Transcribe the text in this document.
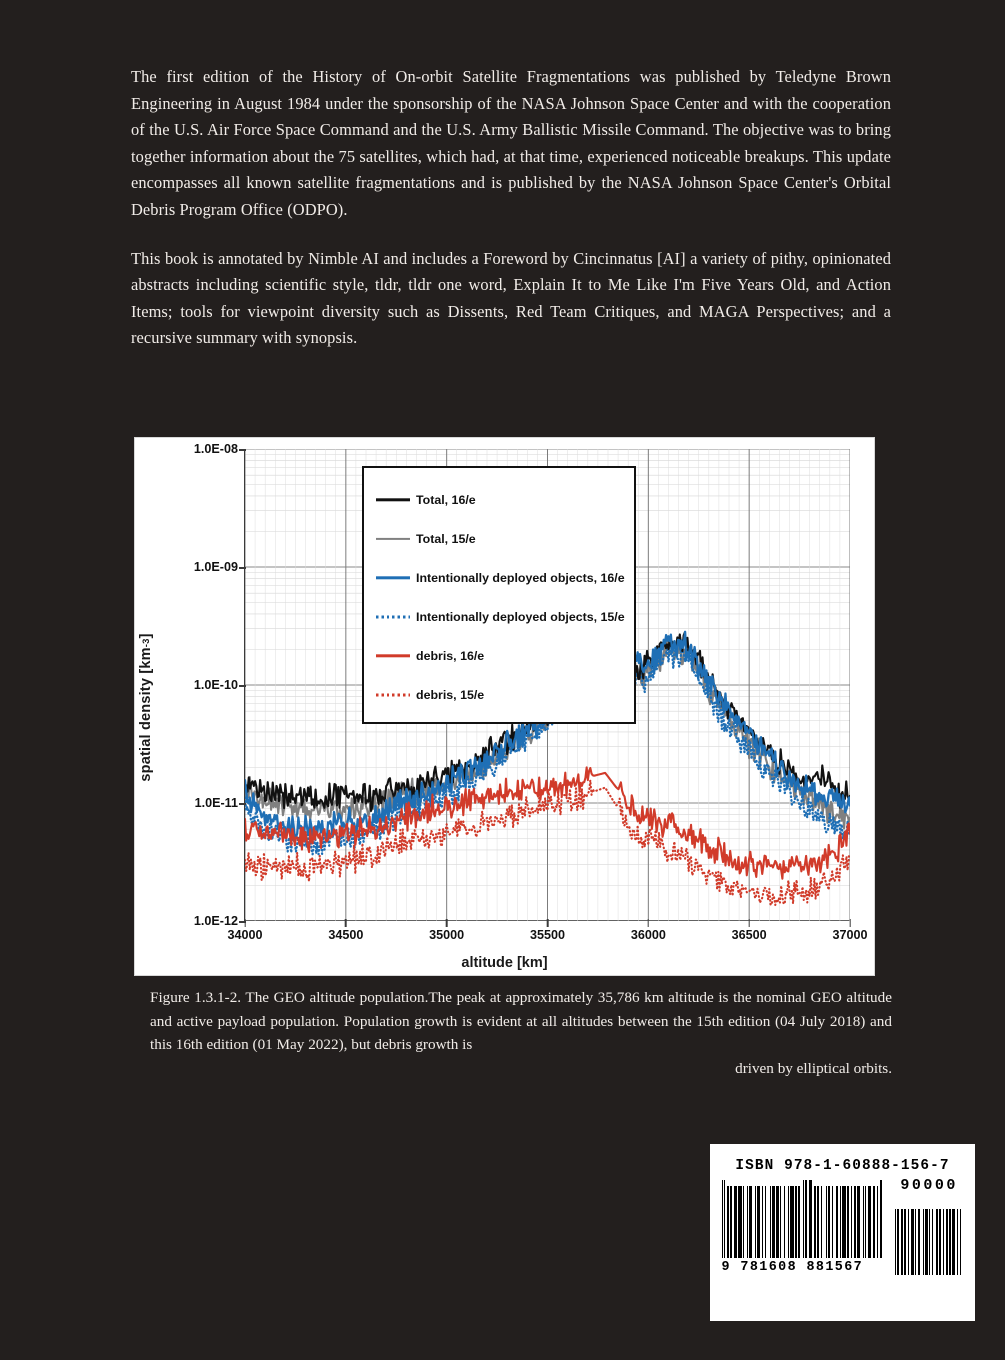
The first edition of the History of On-orbit Satellite Fragmentations was published by Teledyne Brown Engineering in August 1984 under the sponsorship of the NASA Johnson Space Center and with the cooperation of the U.S. Air Force Space Command and the U.S. Army Ballistic Missile Command. The objective was to bring together information about the 75 satellites, which had, at that time, experienced noticeable breakups. This update encompasses all known satellite fragmentations and is published by the NASA Johnson Space Center's Orbital Debris Program Office (ODPO).

This book is annotated by Nimble AI and includes a Foreword by Cincinnatus [AI] a variety of pithy, opinionated abstracts including scientific style, tldr, tldr one word, Explain It to Me Like I'm Five Years Old, and Action Items; tools for viewpoint diversity such as Dissents, Red Team Critiques, and MAGA Perspectives; and a recursive summary with synopsis.

spatial density [km
-3
]
1.0E-08
1.0E-09
1.0E-10
1.0E-11
1.0E-12
34000	34500	35000	35500	36000	36500	37000
Total, 16/e
Total, 15/e
Intentionally deployed objects, 16/e
Intentionally deployed objects, 15/e
debris, 16/e
debris, 15/e
altitude [km]
Figure 1.3.1-2. The GEO altitude population.The peak at approximately 35,786 km altitude is the nominal GEO altitude and active payload population. Population growth is evident at all altitudes between the 15th edition (04 July 2018) and this 16th edition (01 May 2022), but debris growth is
driven by elliptical orbits.
ISBN 978-1-60888-156-7
9 781608 881567
90000
